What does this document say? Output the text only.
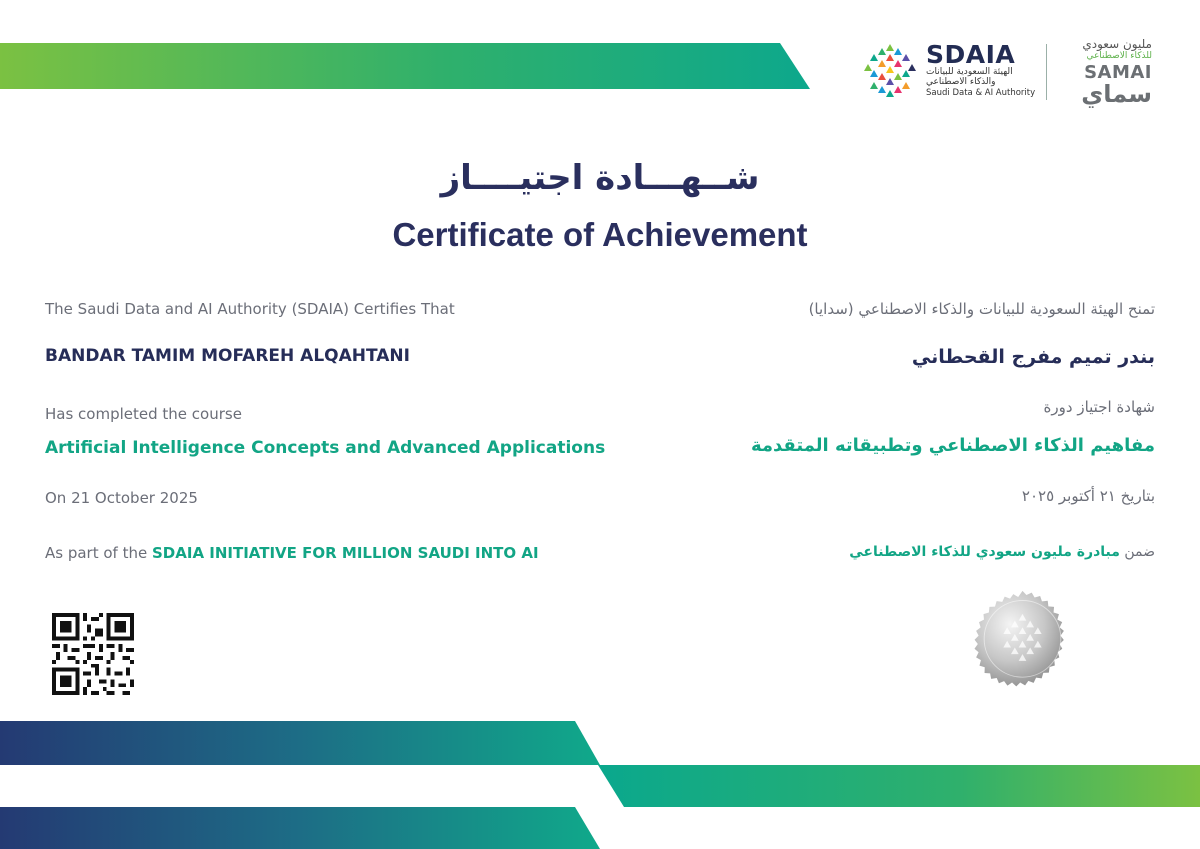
SDAIA
الهيئة السعودية للبيانات
والذكاء الاصطناعي
Saudi Data & AI Authority
مليون سعودي
للذكاء الاصطناعي
SAMAI
سماي
شــهـــادة اجتيــــاز
Certificate of Achievement
The Saudi Data and AI Authority (SDAIA) Certifies That
BANDAR TAMIM MOFAREH ALQAHTANI
Has completed the course
Artificial Intelligence Concepts and Advanced Applications
On 21 October 2025
As part of the SDAIA INITIATIVE FOR MILLION SAUDI INTO AI
تمنح الهيئة السعودية للبيانات والذكاء الاصطناعي (سدايا)
بندر تميم مفرج القحطاني
شهادة اجتياز دورة
مفاهيم الذكاء الاصطناعي وتطبيقاته المتقدمة
بتاريخ ٢١ أكتوبر ٢٠٢٥
ضمن مبادرة مليون سعودي للذكاء الاصطناعي
